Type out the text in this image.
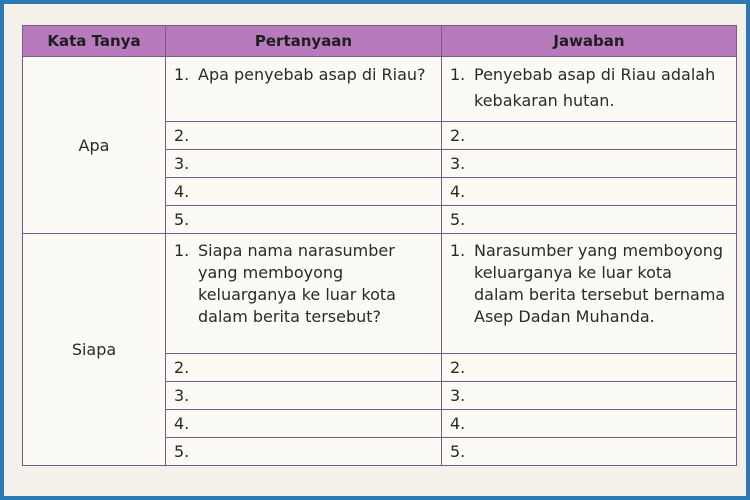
Kata Tanya	Pertanyaan	Jawaban
Apa	1. Apa penyebab asap di Riau?	1. Penyebab asap di Riau adalah kebakaran hutan.
	2.	2.
	3.	3.
	4.	4.
	5.	5.
Siapa	1. Siapa nama narasumber yang memboyong keluarganya ke luar kota dalam berita tersebut?	1. Narasumber yang memboyong keluarganya ke luar kota dalam berita tersebut bernama Asep Dadan Muhanda.
	2.	2.
	3.	3.
	4.	4.
	5.	5.
